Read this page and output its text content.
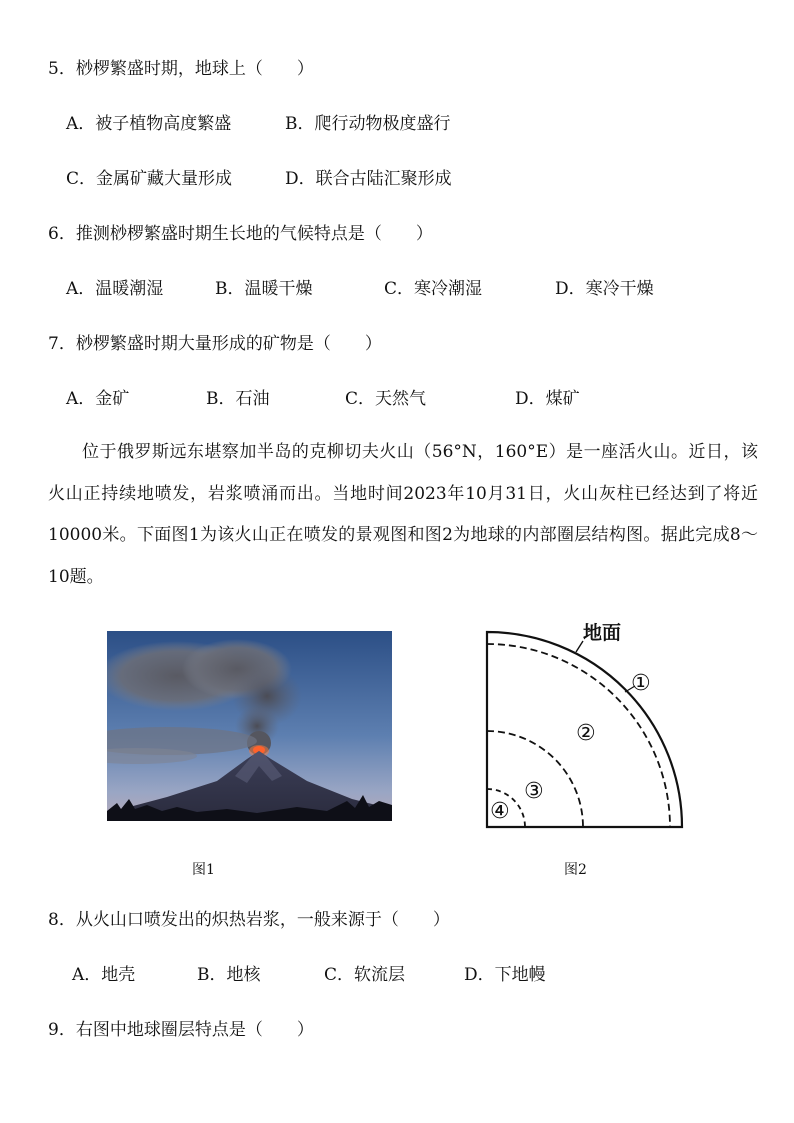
5．桫椤繁盛时期，地球上（　　）
A．被子植物高度繁盛	B．爬行动物极度盛行
C．金属矿藏大量形成	D．联合古陆汇聚形成
6．推测桫椤繁盛时期生长地的气候特点是（　　）
A．温暖潮湿	B．温暖干燥	C．寒冷潮湿	D．寒冷干燥
7．桫椤繁盛时期大量形成的矿物是（　　）
A．金矿	B．石油	C．天然气	D．煤矿
位于俄罗斯远东堪察加半岛的克柳切夫火山（56°N，160°E）是一座活火山。近日，该火山正持续地喷发，岩浆喷涌而出。当地时间2023年10月31日，火山灰柱已经达到了将近10000米。下面图1为该火山正在喷发的景观图和图2为地球的内部圈层结构图。据此完成8～10题。
图1
地面
①
②
③
④
图2
8．从火山口喷发出的炽热岩浆，一般来源于（　　）
A．地壳	B．地核	C．软流层	D．下地幔
9．右图中地球圈层特点是（　　）
